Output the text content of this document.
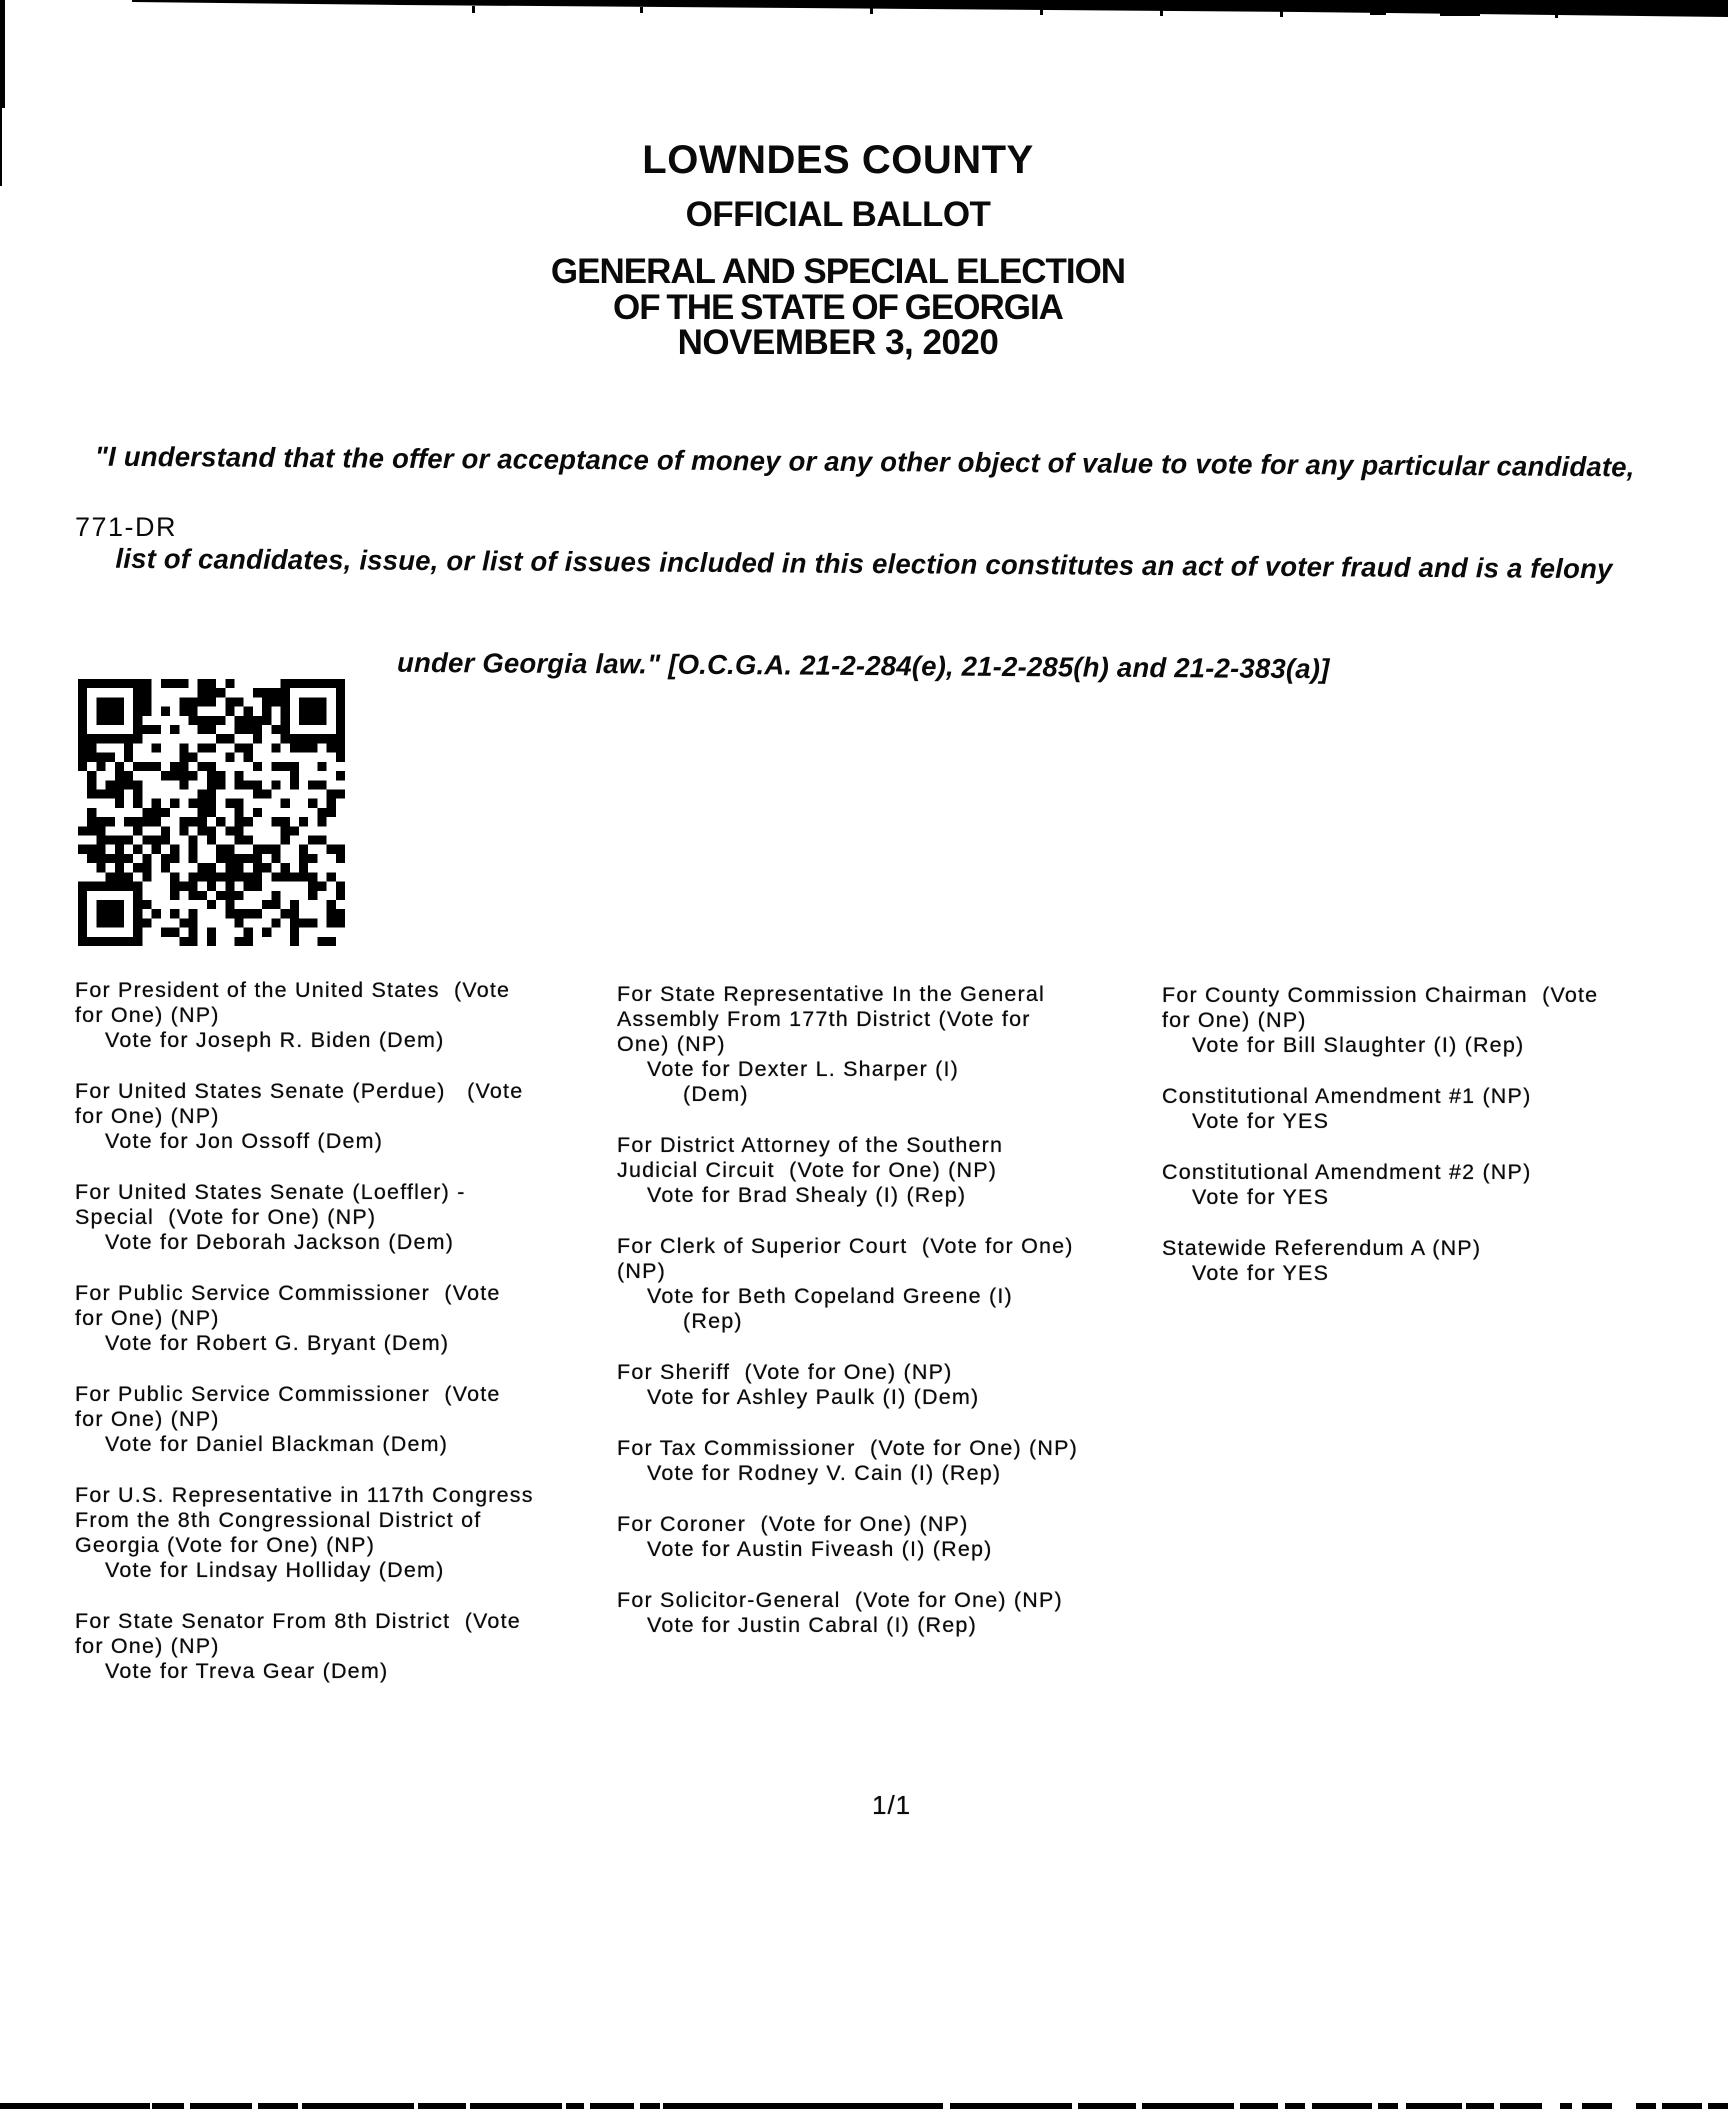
LOWNDES COUNTY
OFFICIAL BALLOT
GENERAL AND SPECIAL ELECTION
OF THE STATE OF GEORGIA
NOVEMBER 3, 2020

"I understand that the offer or acceptance of money or any other object of value to vote for any particular candidate,

list of candidates, issue, or list of issues included in this election constitutes an act of voter fraud and is a felony

under Georgia law." [O.C.G.A. 21-2-284(e), 21-2-285(h) and 21-2-383(a)]

771-DR
For President of the United States  (Vote
for One) (NP)
Vote for Joseph R. Biden (Dem)
For United States Senate (Perdue)   (Vote
for One) (NP)
Vote for Jon Ossoff (Dem)
For United States Senate (Loeffler) -
Special  (Vote for One) (NP)
Vote for Deborah Jackson (Dem)
For Public Service Commissioner  (Vote
for One) (NP)
Vote for Robert G. Bryant (Dem)
For Public Service Commissioner  (Vote
for One) (NP)
Vote for Daniel Blackman (Dem)
For U.S. Representative in 117th Congress
From the 8th Congressional District of
Georgia (Vote for One) (NP)
Vote for Lindsay Holliday (Dem)
For State Senator From 8th District  (Vote
for One) (NP)
Vote for Treva Gear (Dem)
For State Representative In the General
Assembly From 177th District (Vote for
One) (NP)
Vote for Dexter L. Sharper (I)
(Dem)
For District Attorney of the Southern
Judicial Circuit  (Vote for One) (NP)
Vote for Brad Shealy (I) (Rep)
For Clerk of Superior Court  (Vote for One)
(NP)
Vote for Beth Copeland Greene (I)
(Rep)
For Sheriff  (Vote for One) (NP)
Vote for Ashley Paulk (I) (Dem)
For Tax Commissioner  (Vote for One) (NP)
Vote for Rodney V. Cain (I) (Rep)
For Coroner  (Vote for One) (NP)
Vote for Austin Fiveash (I) (Rep)
For Solicitor-General  (Vote for One) (NP)
Vote for Justin Cabral (I) (Rep)
For County Commission Chairman  (Vote
for One) (NP)
Vote for Bill Slaughter (I) (Rep)
Constitutional Amendment #1 (NP)
Vote for YES
Constitutional Amendment #2 (NP)
Vote for YES
Statewide Referendum A (NP)
Vote for YES
1/1
